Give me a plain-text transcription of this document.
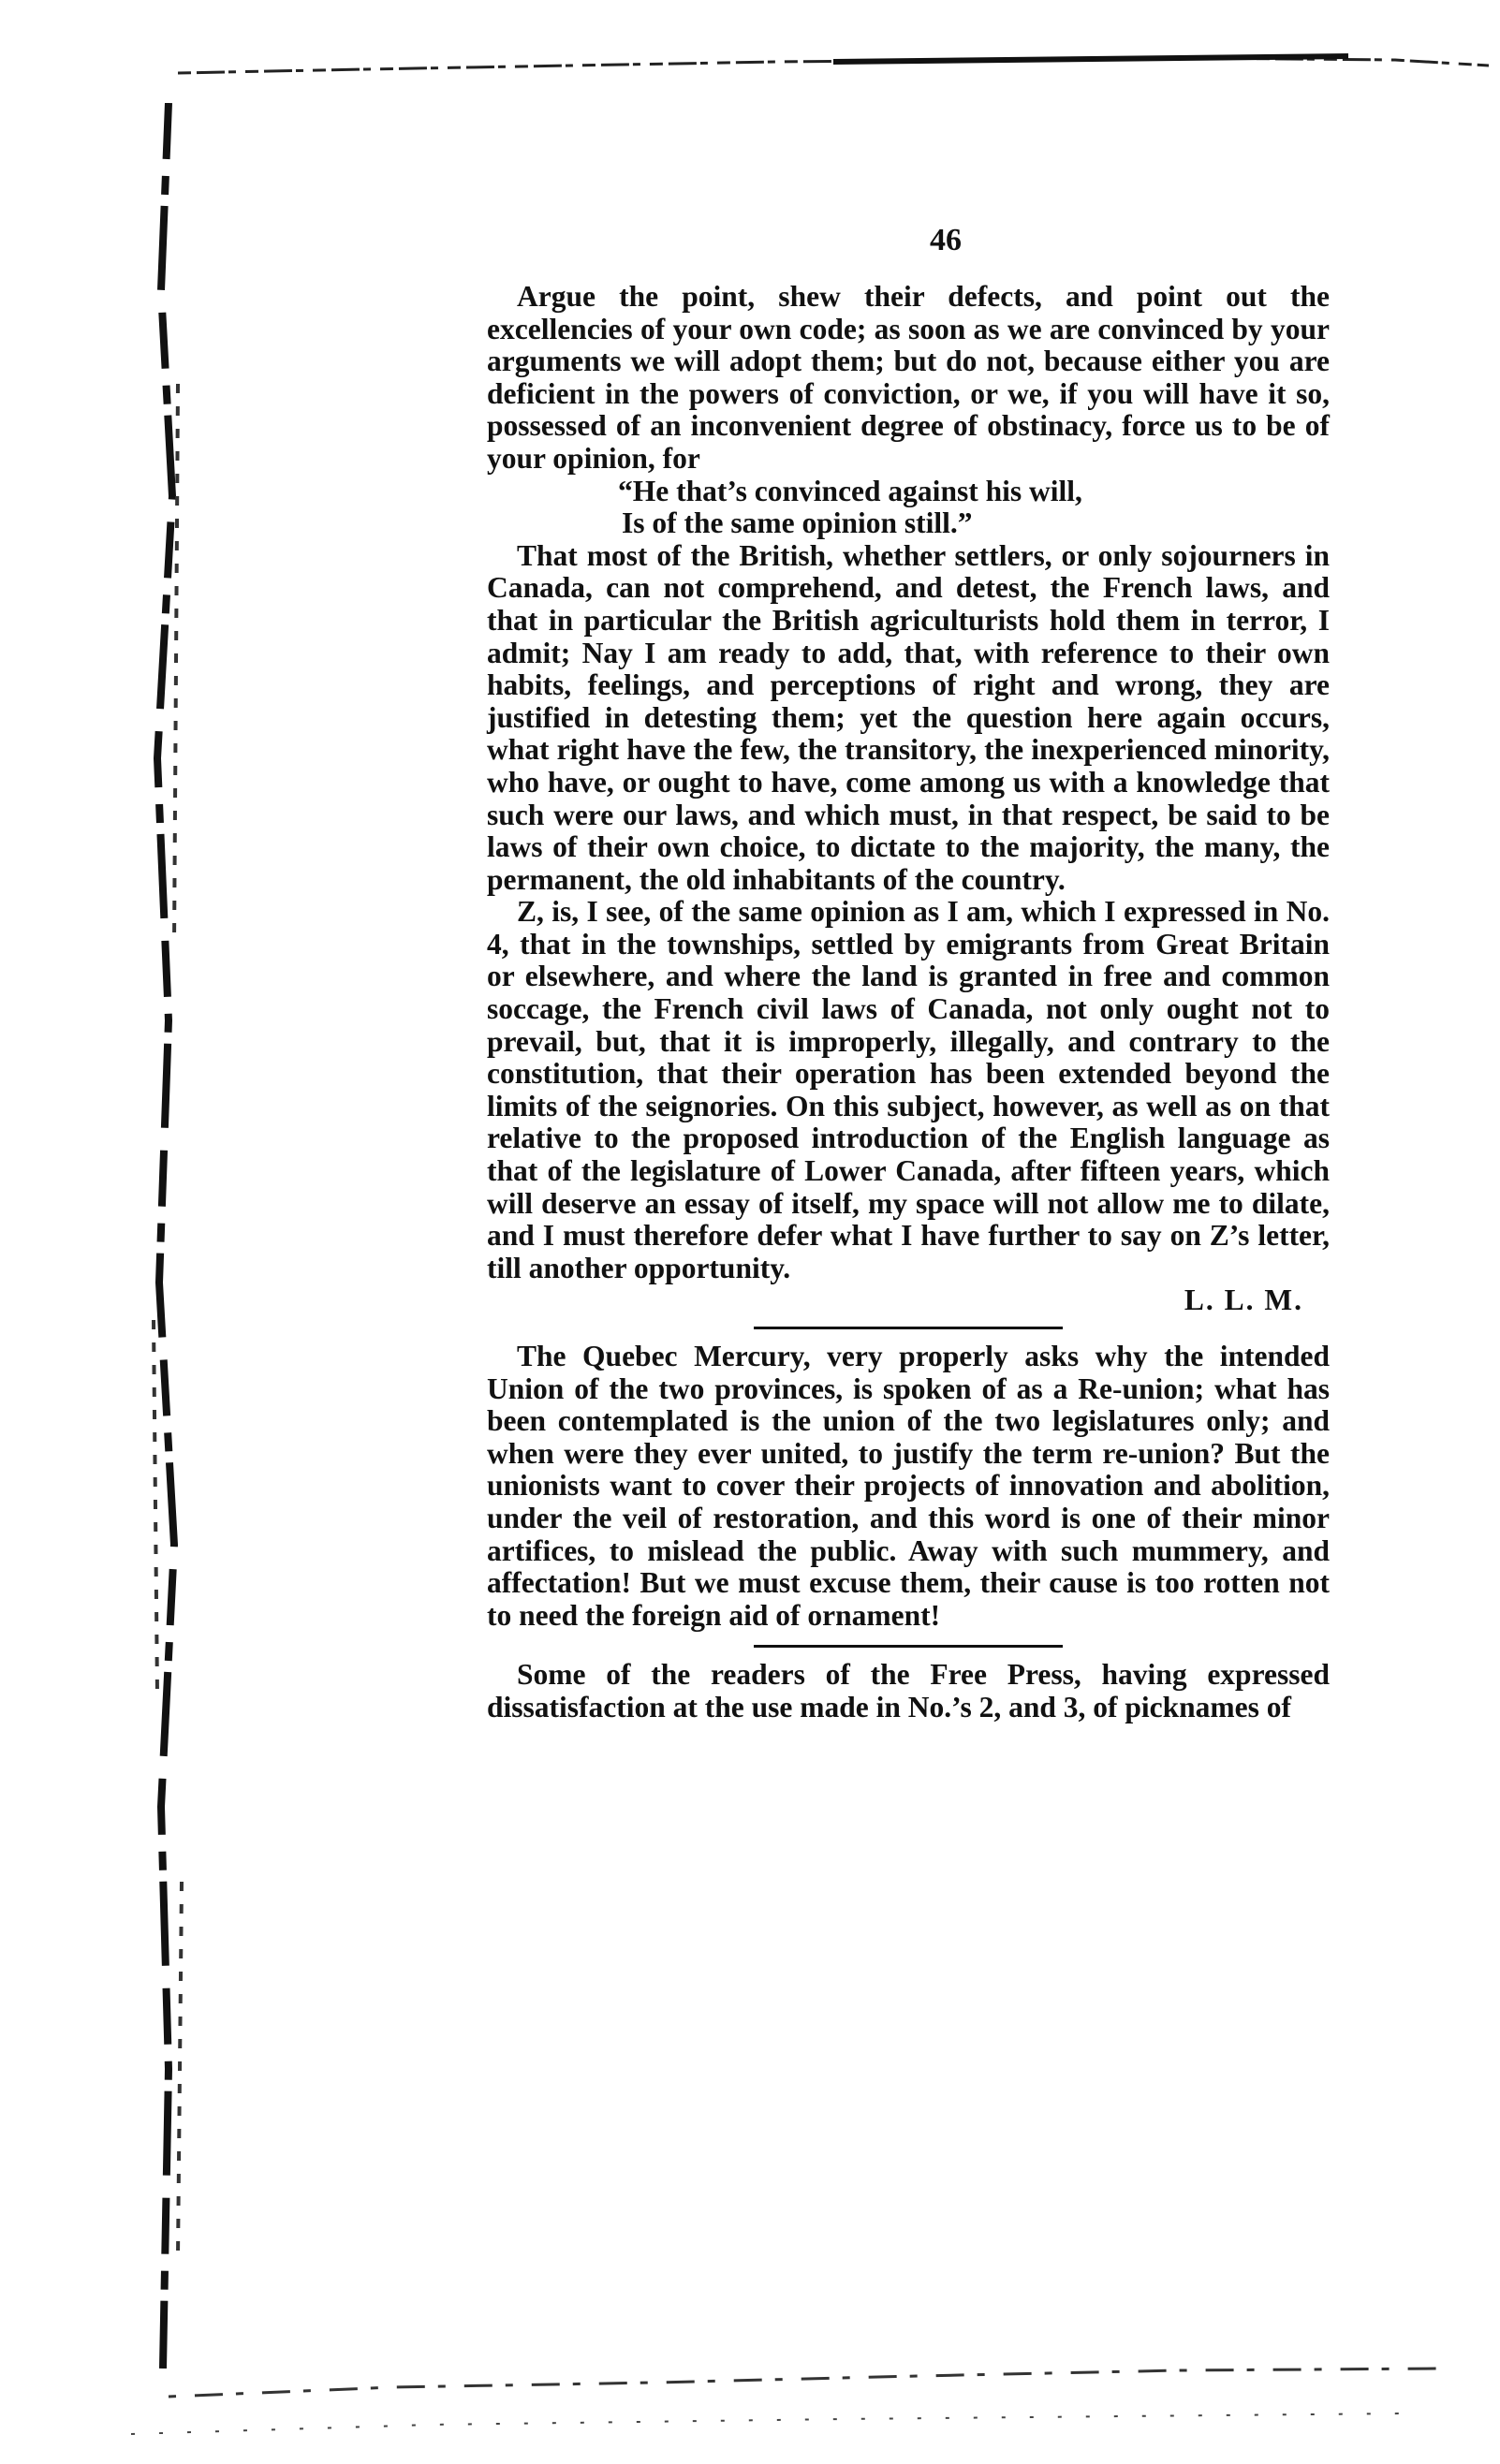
46

Argue the point, shew their defects, and point out the excellencies of your own code; as soon as we are convinced by your arguments we will adopt them; but do not, because either you are deficient in the powers of conviction, or we, if you will have it so, possessed of an inconvenient degree of obstinacy, force us to be of your opinion, for

“He that’s convinced against his will,
Is of the same opinion still.”

That most of the British, whether settlers, or only sojourners in Canada, can not comprehend, and detest, the French laws, and that in particular the British agriculturists hold them in terror, I admit; Nay I am ready to add, that, with reference to their own habits, feelings, and perceptions of right and wrong, they are justified in detesting them; yet the question here again occurs, what right have the few, the transitory, the inexperienced minority, who have, or ought to have, come among us with a knowledge that such were our laws, and which must, in that respect, be said to be laws of their own choice, to dictate to the majority, the many, the permanent, the old inhabitants of the country.

Z, is, I see, of the same opinion as I am, which I expressed in No. 4, that in the townships, settled by emigrants from Great Britain or elsewhere, and where the land is granted in free and common soccage, the French civil laws of Canada, not only ought not to prevail, but, that it is improperly, illegally, and contrary to the constitution, that their operation has been extended beyond the limits of the seignories. On this subject, however, as well as on that relative to the proposed introduction of the English language as that of the legislature of Lower Canada, after fifteen years, which will deserve an essay of itself, my space will not allow me to dilate, and I must therefore defer what I have further to say on Z’s letter, till another opportunity.

L. L. M.

The Quebec Mercury, very properly asks why the intended Union of the two provinces, is spoken of as a Re-union; what has been contemplated is the union of the two legislatures only; and when were they ever united, to justify the term re-union? But the unionists want to cover their projects of innovation and abolition, under the veil of restoration, and this word is one of their minor artifices, to mislead the public. Away with such mummery, and affectation! But we must excuse them, their cause is too rotten not to need the foreign aid of ornament!

Some of the readers of the Free Press, having expressed dissatisfaction at the use made in No.’s 2, and 3, of picknames of
